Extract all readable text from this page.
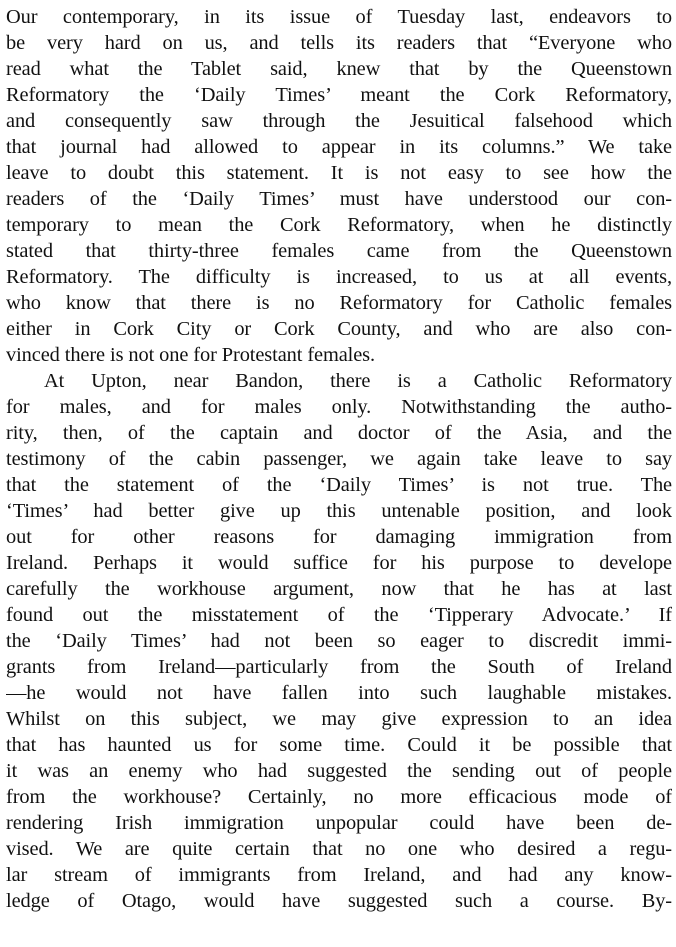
Our contemporary, in its issue of Tuesday last, endeavors to
be very hard on us, and tells its readers that “Everyone who
read what the Tablet said, knew that by the Queenstown
Reformatory the ‘Daily Times’ meant the Cork Reformatory,
and consequently saw through the Jesuitical falsehood which
that journal had allowed to appear in its columns.” We take
leave to doubt this statement. It is not easy to see how the
readers of the ‘Daily Times’ must have understood our con-
temporary to mean the Cork Reformatory, when he distinctly
stated that thirty-three females came from the Queenstown
Reformatory. The difficulty is increased, to us at all events,
who know that there is no Reformatory for Catholic females
either in Cork City or Cork County, and who are also con-
vinced there is not one for Protestant females.
At Upton, near Bandon, there is a Catholic Reformatory
for males, and for males only. Notwithstanding the autho-
rity, then, of the captain and doctor of the Asia, and the
testimony of the cabin passenger, we again take leave to say
that the statement of the ‘Daily Times’ is not true. The
‘Times’ had better give up this untenable position, and look
out for other reasons for damaging immigration from
Ireland. Perhaps it would suffice for his purpose to develope
carefully the workhouse argument, now that he has at last
found out the misstatement of the ‘Tipperary Advocate.’ If
the ‘Daily Times’ had not been so eager to discredit immi-
grants from Ireland—particularly from the South of Ireland
—he would not have fallen into such laughable mistakes.
Whilst on this subject, we may give expression to an idea
that has haunted us for some time. Could it be possible that
it was an enemy who had suggested the sending out of people
from the workhouse? Certainly, no more efficacious mode of
rendering Irish immigration unpopular could have been de-
vised. We are quite certain that no one who desired a regu-
lar stream of immigrants from Ireland, and had any know-
ledge of Otago, would have suggested such a course. By-
